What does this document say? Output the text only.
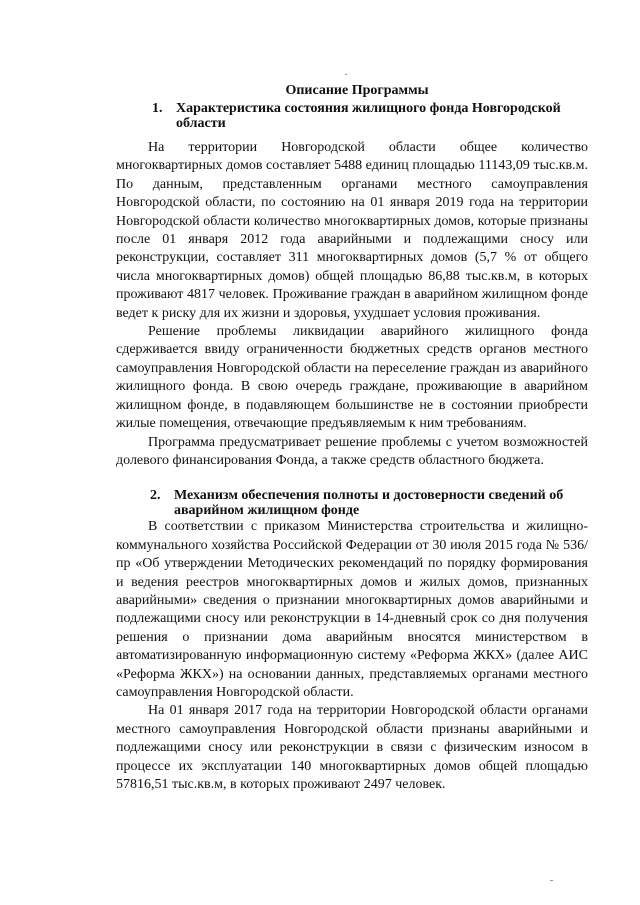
Описание Программы
1. Характеристика состояния жилищного фонда Новгородской области

На территории Новгородской области общее количество многоквартирных домов составляет 5488 единиц площадью 11143,09 тыс.кв.м. По данным, представленным органами местного самоуправления Новгородской области, по состоянию на 01 января 2019 года на территории Новгородской области количество многоквартирных домов, которые признаны после 01 января 2012 года аварийными и подлежащими сносу или реконструкции, составляет 311 многоквартирных домов (5,7 % от общего числа многоквартирных домов) общей площадью 86,88 тыс.кв.м, в которых проживают 4817 человек. Проживание граждан в аварийном жилищном фонде ведет к риску для их жизни и здоровья, ухудшает условия проживания.

Решение проблемы ликвидации аварийного жилищного фонда сдерживается ввиду ограниченности бюджетных средств органов местного самоуправления Новгородской области на переселение граждан из аварийного жилищного фонда. В свою очередь граждане, проживающие в аварийном жилищном фонде, в подавляющем большинстве не в состоянии приобрести жилые помещения, отвечающие предъявляемым к ним требованиям.

Программа предусматривает решение проблемы с учетом возможностей долевого финансирования Фонда, а также средств областного бюджета.

2. Механизм обеспечения полноты и достоверности сведений об аварийном жилищном фонде

В соответствии с приказом Министерства строительства и жилищно-коммунального хозяйства Российской Федерации от 30 июля 2015 года № 536/пр «Об утверждении Методических рекомендаций по порядку формирования и ведения реестров многоквартирных домов и жилых домов, признанных аварийными» сведения о признании многоквартирных домов аварийными и подлежащими сносу или реконструкции в 14-дневный срок со дня получения решения о признании дома аварийным вносятся министерством в автоматизированную информационную систему «Реформа ЖКХ» (далее АИС «Реформа ЖКХ») на основании данных, представляемых органами местного самоуправления Новгородской области.

На 01 января 2017 года на территории Новгородской области органами местного самоуправления Новгородской области признаны аварийными и подлежащими сносу или реконструкции в связи с физическим износом в процессе их эксплуатации 140 многоквартирных домов общей площадью 57816,51 тыс.кв.м, в которых проживают 2497 человек.
